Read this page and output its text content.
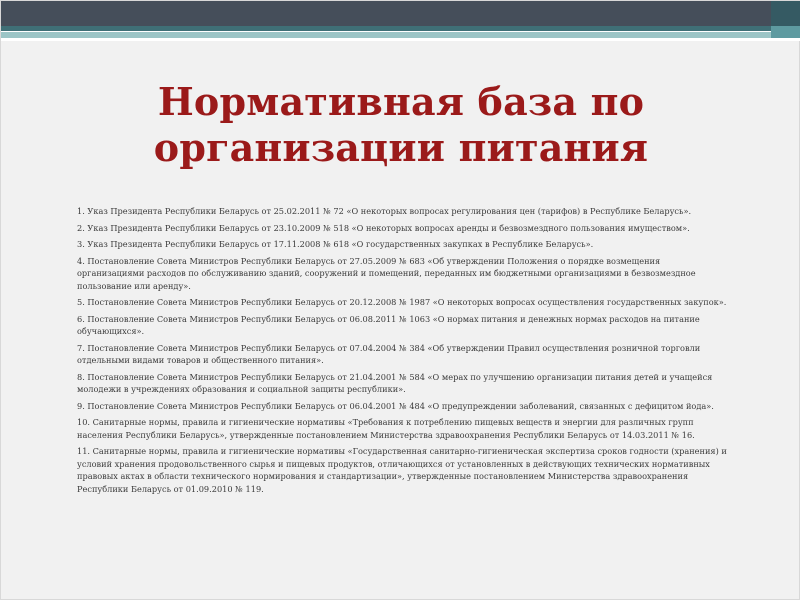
Нормативная база по
организации питания
1. Указ Президента Республики Беларусь от 25.02.2011 № 72 «О некоторых вопросах регулирования цен (тарифов) в Республике Беларусь».
2. Указ Президента Республики Беларусь от 23.10.2009 № 518 «О некоторых вопросах аренды и безвозмездного пользования имуществом».
3. Указ Президента Республики Беларусь от 17.11.2008 № 618 «О государственных закупках в Республике Беларусь».
4. Постановление Совета Министров Республики Беларусь от 27.05.2009 № 683 «Об утверждении Положения о порядке возмещения организациями расходов по обслуживанию зданий, сооружений и помещений, переданных им бюджетными организациями в безвозмездное пользование или аренду».
5. Постановление Совета Министров Республики Беларусь от 20.12.2008 № 1987 «О некоторых вопросах осуществления государственных закупок».
6. Постановление Совета Министров Республики Беларусь от 06.08.2011 № 1063 «О нормах питания и денежных нормах расходов на питание обучающихся».
7. Постановление Совета Министров Республики Беларусь от 07.04.2004 № 384 «Об утверждении Правил осуществления розничной торговли отдельными видами товаров и общественного питания».
8. Постановление Совета Министров Республики Беларусь от 21.04.2001 № 584 «О мерах по улучшению организации питания детей и учащейся молодежи в учреждениях образования и социальной защиты республики».
9. Постановление Совета Министров Республики Беларусь от 06.04.2001 № 484 «О предупреждении заболеваний, связанных с дефицитом йода».
10. Санитарные нормы, правила и гигиенические нормативы «Требования к потреблению пищевых веществ и энергии для различных групп населения Республики Беларусь», утвержденные постановлением Министерства здравоохранения Республики Беларусь от 14.03.2011 № 16.
11. Санитарные нормы, правила и гигиенические нормативы «Государственная санитарно-гигиеническая экспертиза сроков годности (хранения) и условий хранения продовольственного сырья и пищевых продуктов, отличающихся от установленных в действующих технических нормативных правовых актах в области технического нормирования и стандартизации», утвержденные постановлением Министерства здравоохранения Республики Беларусь от 01.09.2010 № 119.
